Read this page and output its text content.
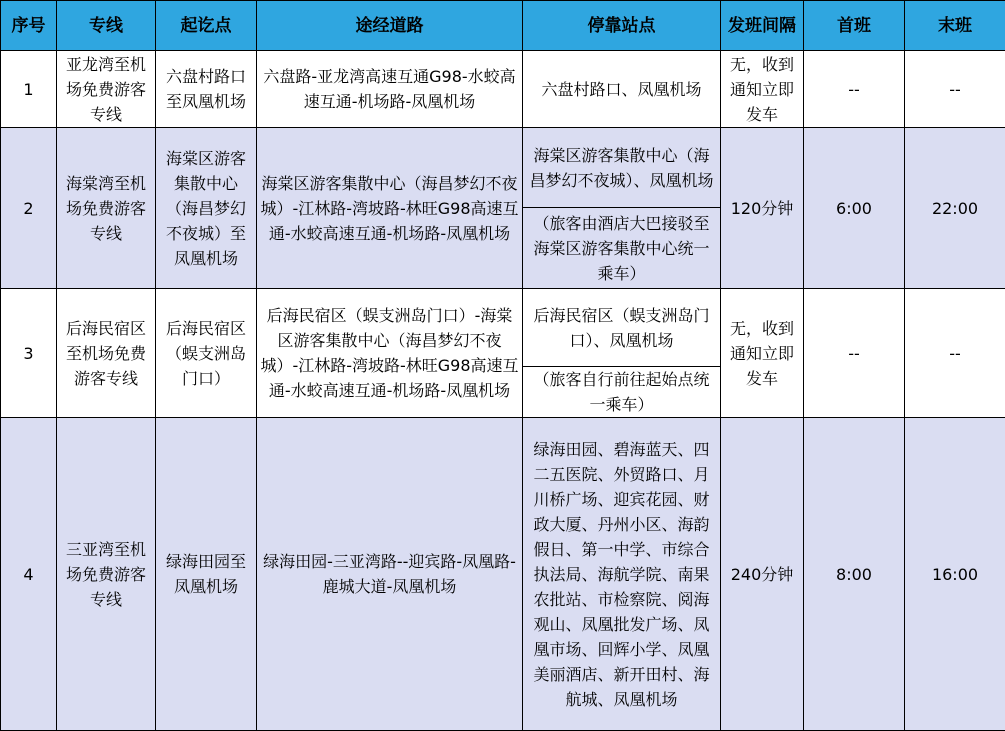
序号	专线	起讫点	途经道路	停靠站点	发班间隔	首班	末班
1	亚龙湾至机场免费游客专线	六盘村路口至凤凰机场	六盘路-亚龙湾高速互通G98-水蛟高速互通-机场路-凤凰机场	六盘村路口、凤凰机场	无，收到通知立即发车	--	--
2	海棠湾至机场免费游客专线	海棠区游客集散中心（海昌梦幻不夜城）至凤凰机场	海棠区游客集散中心（海昌梦幻不夜城）-江林路-湾坡路-林旺G98高速互通-水蛟高速互通-机场路-凤凰机场	海棠区游客集散中心（海昌梦幻不夜城）、凤凰机场	120分钟	6:00	22:00
				（旅客由酒店大巴接驳至海棠区游客集散中心统一乘车）			
3	后海民宿区至机场免费游客专线	后海民宿区（蜈支洲岛门口）	后海民宿区（蜈支洲岛门口）-海棠区游客集散中心（海昌梦幻不夜城）-江林路-湾坡路-林旺G98高速互通-水蛟高速互通-机场路-凤凰机场	后海民宿区（蜈支洲岛门口）、凤凰机场	无，收到通知立即发车	--	--
				（旅客自行前往起始点统一乘车）			
4	三亚湾至机场免费游客专线	绿海田园至凤凰机场	绿海田园-三亚湾路--迎宾路-凤凰路-鹿城大道-凤凰机场	绿海田园、碧海蓝天、四二五医院、外贸路口、月川桥广场、迎宾花园、财政大厦、丹州小区、海韵假日、第一中学、市综合执法局、海航学院、南果农批站、市检察院、阅海观山、凤凰批发广场、凤凰市场、回辉小学、凤凰美丽酒店、新开田村、海航城、凤凰机场	240分钟	8:00	16:00
